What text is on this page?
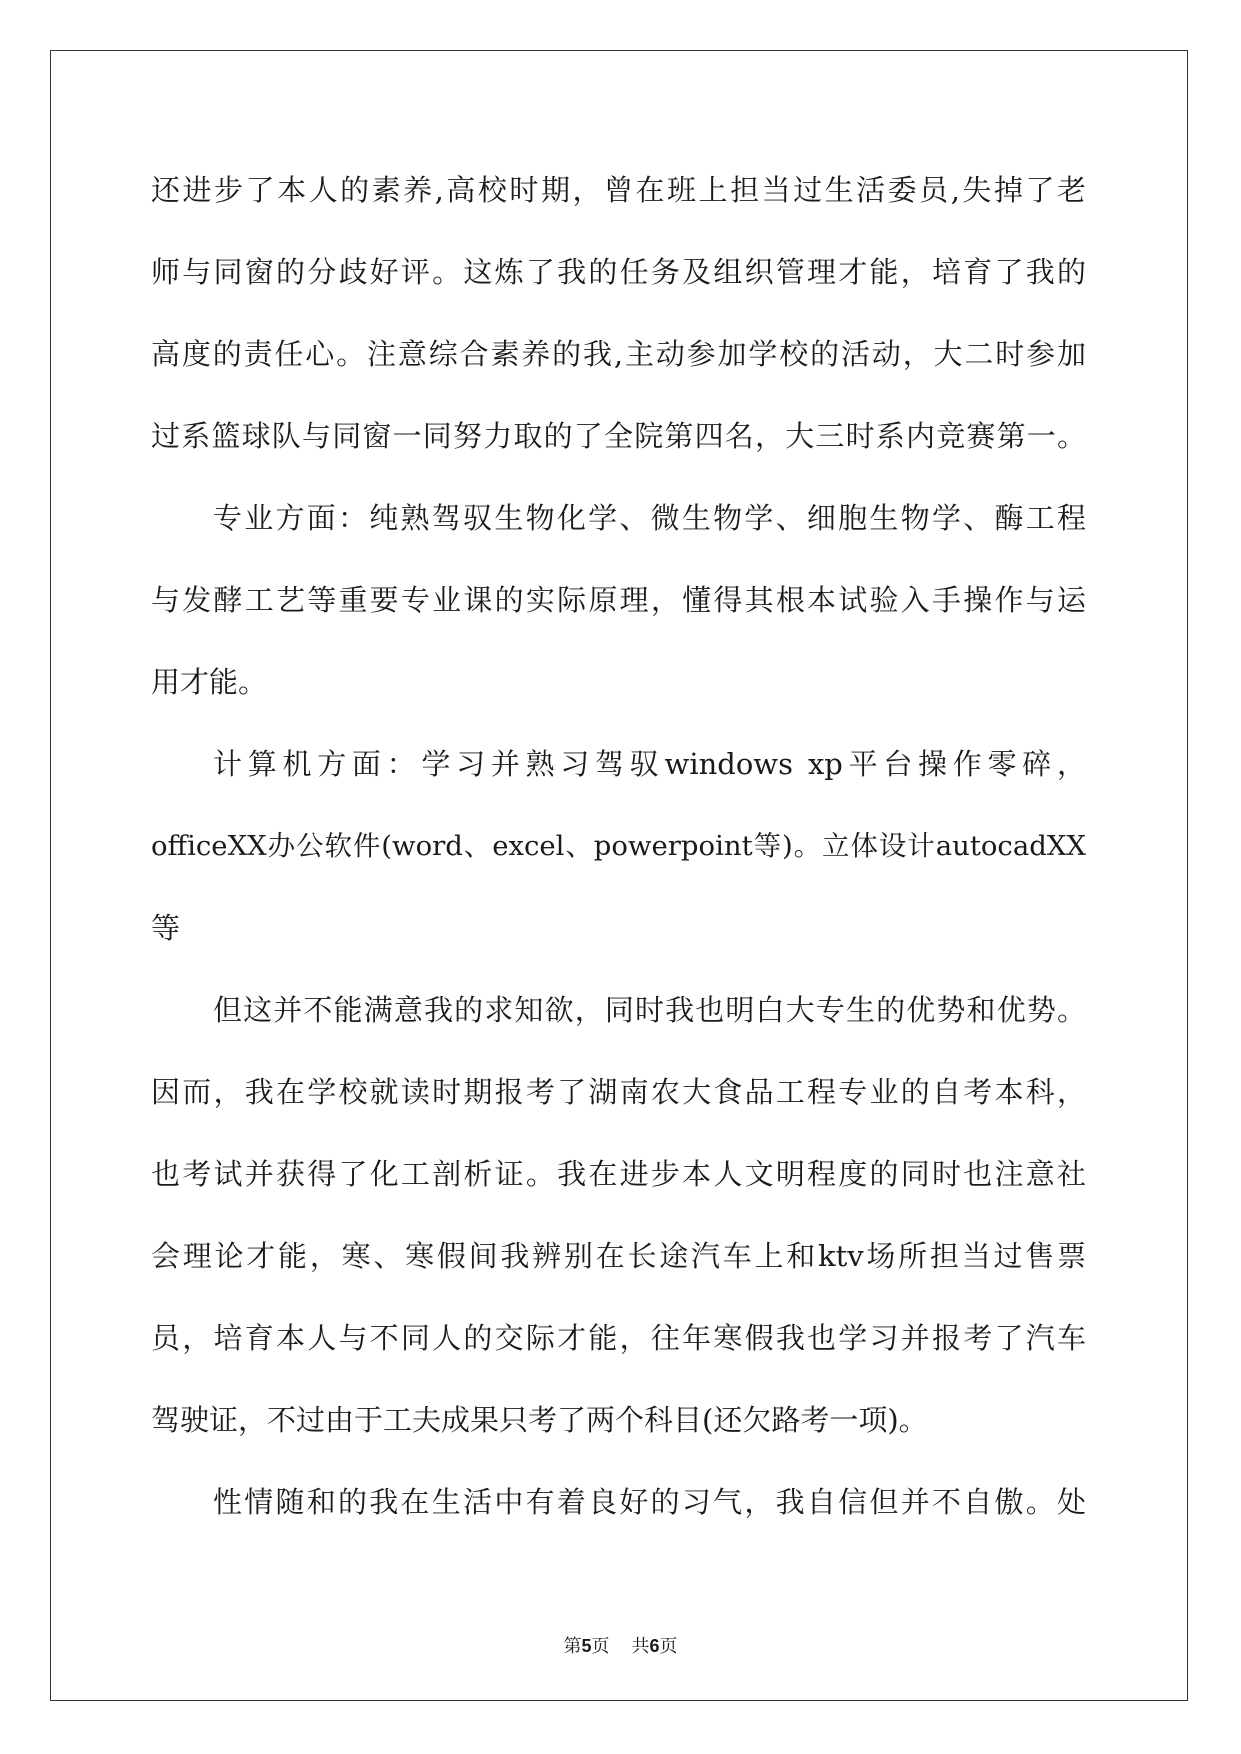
还进步了本人的素养,高校时期，曾在班上担当过生活委员,失掉了老
师与同窗的分歧好评。这炼了我的任务及组织管理才能，培育了我的
高度的责任心。注意综合素养的我,主动参加学校的活动，大二时参加
过系篮球队与同窗一同努力取的了全院第四名，大三时系内竞赛第一。
专业方面：纯熟驾驭生物化学、微生物学、细胞生物学、酶工程
与发酵工艺等重要专业课的实际原理，懂得其根本试验入手操作与运
用才能。
计算机方面：学习并熟习驾驭windows xp平台操作零碎，
officeXX办公软件(word、excel、powerpoint等)。立体设计autocadXX
等
但这并不能满意我的求知欲，同时我也明白大专生的优势和优势。
因而，我在学校就读时期报考了湖南农大食品工程专业的自考本科，
也考试并获得了化工剖析证。我在进步本人文明程度的同时也注意社
会理论才能，寒、寒假间我辨别在长途汽车上和ktv场所担当过售票
员，培育本人与不同人的交际才能，往年寒假我也学习并报考了汽车
驾驶证，不过由于工夫成果只考了两个科目(还欠路考一项)。
性情随和的我在生活中有着良好的习气，我自信但并不自傲。处
第5页 共6页
